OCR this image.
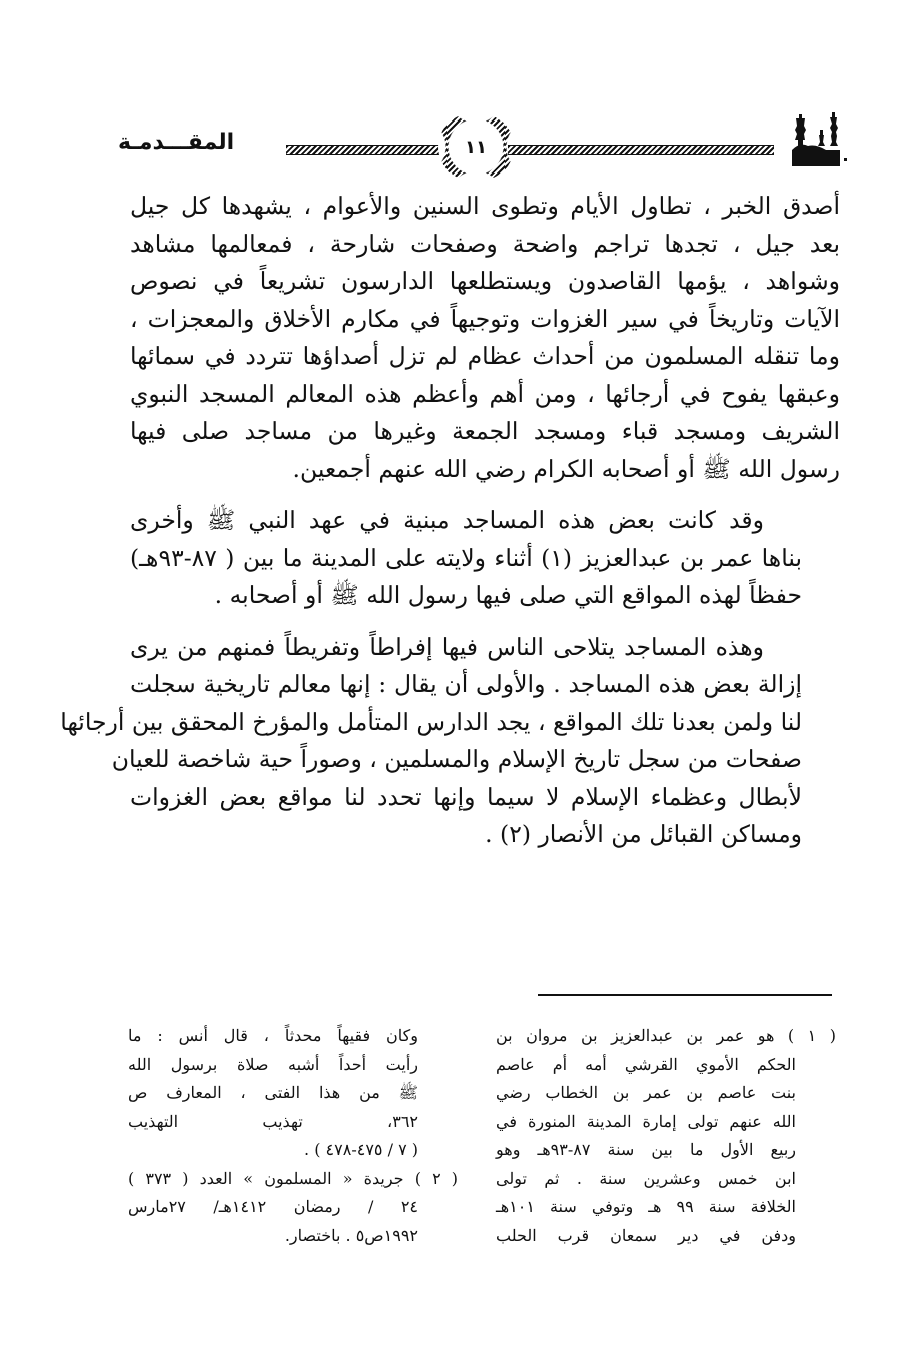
المقـــدمـة	١١
أصدق الخبر ، تطاول الأيام وتطوى السنين والأعوام ، يشهدها كل جيل
بعد جيل ، تجدها تراجم واضحة وصفحات شارحة ، فمعالمها مشاهد
وشواهد ، يؤمها القاصدون ويستطلعها الدارسون تشريعاً في نصوص
الآيات وتاريخاً في سير الغزوات وتوجيهاً في مكارم الأخلاق والمعجزات ،
وما تنقله المسلمون من أحداث عظام لم تزل أصداؤها تتردد في سمائها
وعبقها يفوح في أرجائها ، ومن أهم وأعظم هذه المعالم المسجد النبوي
الشريف ومسجد قباء ومسجد الجمعة وغيرها من مساجد صلى فيها
رسول الله ﷺ أو أصحابه الكرام رضي الله عنهم أجمعين.
وقد كانت بعض هذه المساجد مبنية في عهد النبي ﷺ وأخرى
بناها عمر بن عبدالعزيز (١) أثناء ولايته على المدينة ما بين ( ٨٧-٩٣هـ)
حفظاً لهذه المواقع التي صلى فيها رسول الله ﷺ أو أصحابه .
وهذه المساجد يتلاحى الناس فيها إفراطاً وتفريطاً فمنهم من يرى
إزالة بعض هذه المساجد . والأولى أن يقال : إنها معالم تاريخية سجلت
لنا ولمن بعدنا تلك المواقع ، يجد الدارس المتأمل والمؤرخ المحقق بين أرجائها
صفحات من سجل تاريخ الإسلام والمسلمين ، وصوراً حية شاخصة للعيان
لأبطال وعظماء الإسلام لا سيما وإنها تحدد لنا مواقع بعض الغزوات
ومساكن القبائل من الأنصار (٢) .
( ١ ) هو عمر بن عبدالعزيز بن مروان بن
الحكم الأموي القرشي أمه أم عاصم
بنت عاصم بن عمر بن الخطاب رضي
الله عنهم تولى إمارة المدينة المنورة في
ربيع الأول ما بين سنة ٨٧-٩٣هـ وهو
ابن خمس وعشرين سنة . ثم تولى
الخلافة سنة ٩٩ هـ وتوفي سنة ١٠١هـ
ودفن في دير سمعان قرب الحلب
وكان فقيهاً محدثاً ، قال أنس : ما
رأيت أحداً أشبه صلاة برسول الله
ﷺ من هذا الفتى ، المعارف ص
٣٦٢، تهذيب التهذيب
( ٧ / ٤٧٥-٤٧٨ ) .
( ٢ ) جريدة « المسلمون » العدد ( ٣٧٣ )
٢٤ / رمضان ١٤١٢هـ/ ٢٧مارس
١٩٩٢ص٥ . باختصار.
